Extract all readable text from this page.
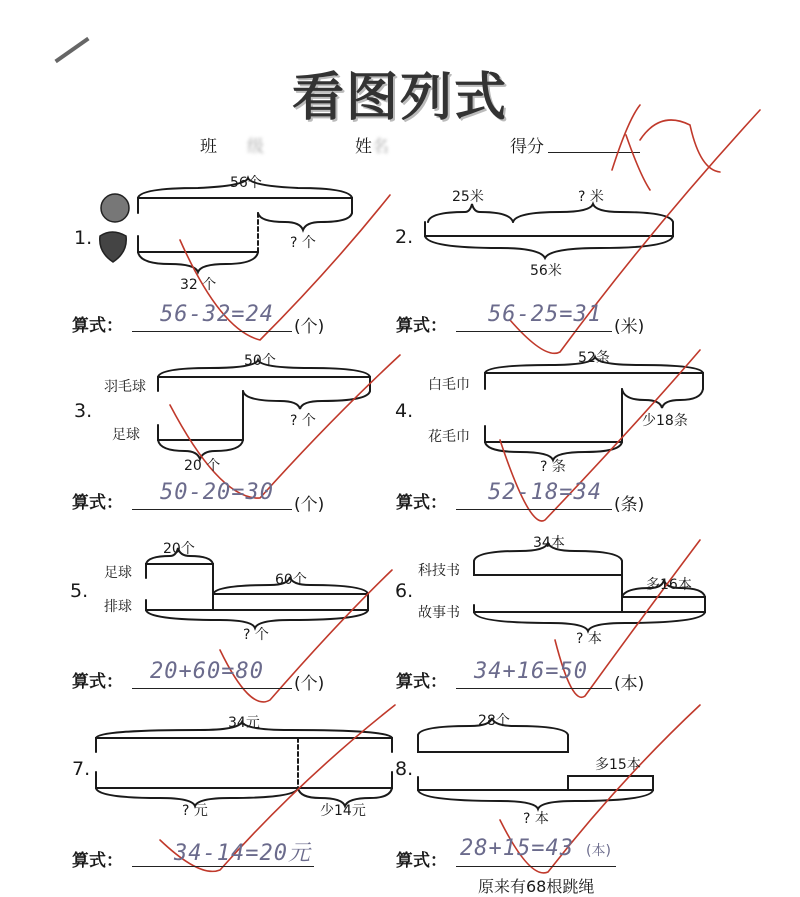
看图列式
班 级	姓名	得分
1.	2.
3.	4.
5.	6.
7.	8.
56个
? 个
32 个
25米	? 米
56米
羽毛球
足球
50个
? 个
20 个
白毛巾
花毛巾
52条
少18条
? 条
足球
排球
20个
60个
? 个
科技书
故事书
34本
多16本
? 本
34元
? 元	少14元
28个
多15本
? 本
算式： 56-32=24 (个)	算式： 56-25=31 (米)
算式： 50-20=30 (个)	算式： 52-18=34 (条)
算式： 20+60=80 (个)	算式： 34+16=50 (本)
算式： 34-14=20元	算式： 28+15=43 (本)
原来有68根跳绳
